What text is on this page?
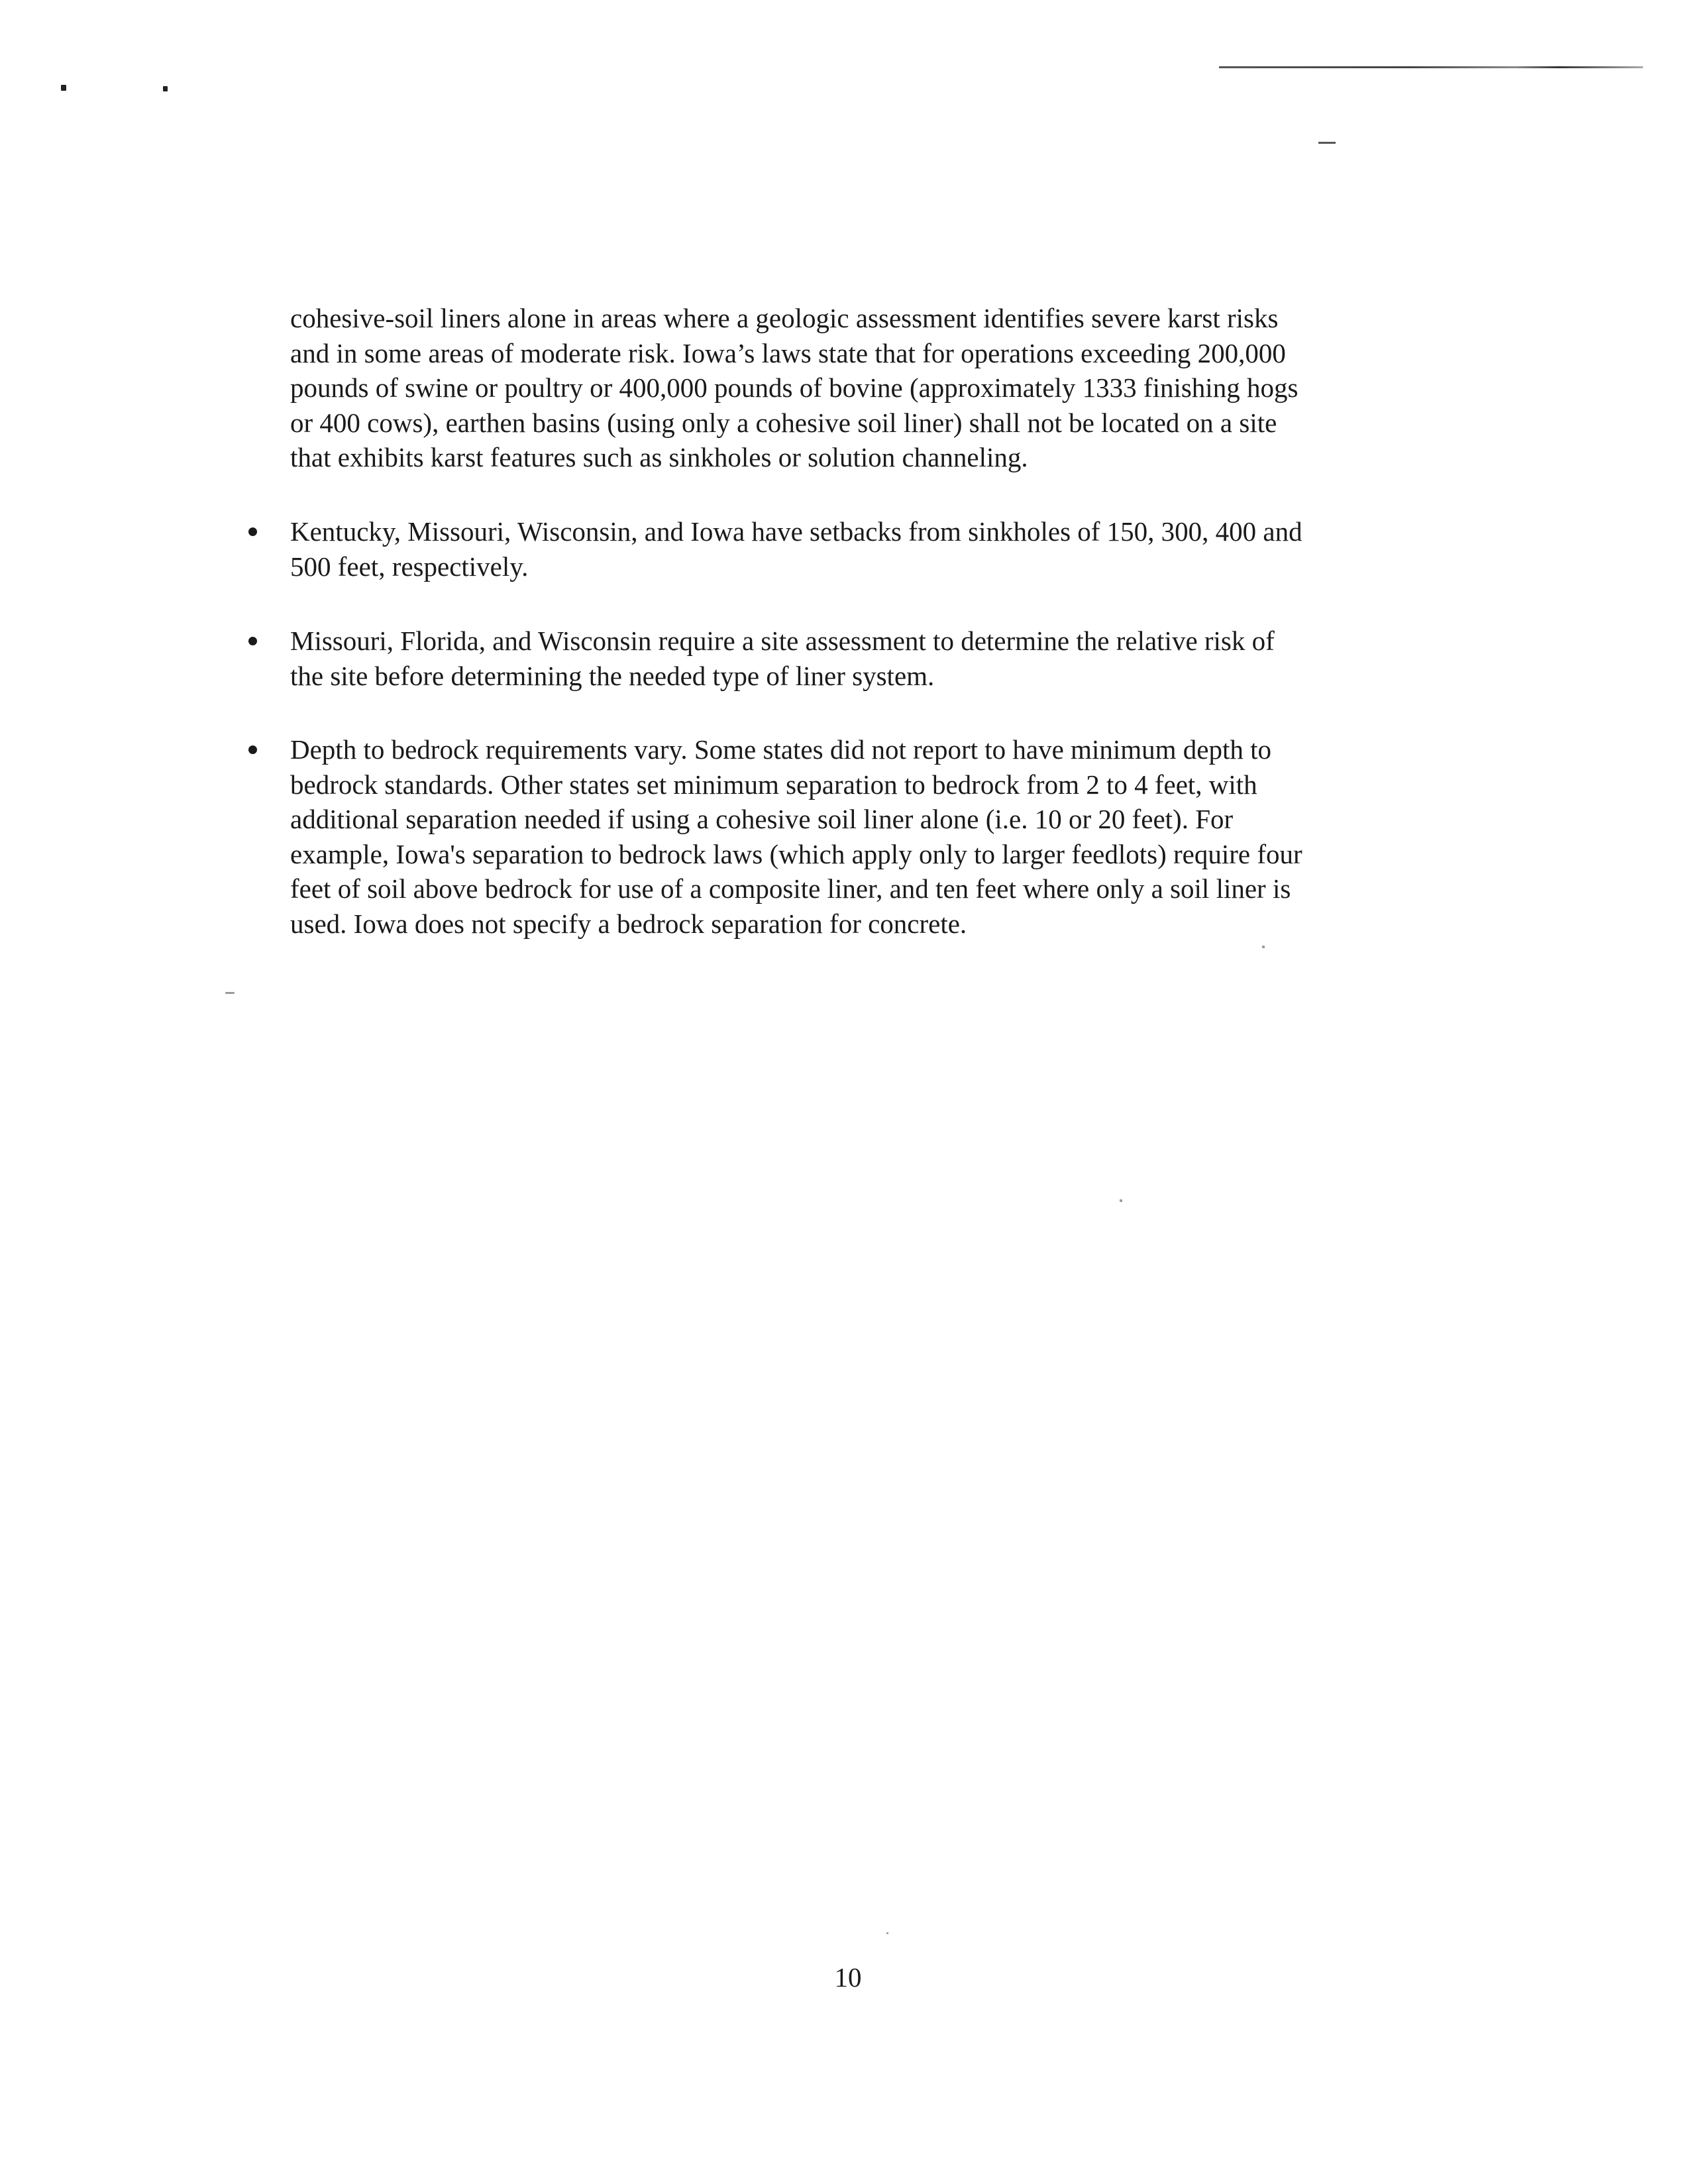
cohesive-soil liners alone in areas where a geologic assessment identifies severe karst risks
and in some areas of moderate risk. Iowa’s laws state that for operations exceeding 200,000
pounds of swine or poultry or 400,000 pounds of bovine (approximately 1333 finishing hogs
or 400 cows), earthen basins (using only a cohesive soil liner) shall not be located on a site
that exhibits karst features such as sinkholes or solution channeling.

Kentucky, Missouri, Wisconsin, and Iowa have setbacks from sinkholes of 150, 300, 400 and
500 feet, respectively.

Missouri, Florida, and Wisconsin require a site assessment to determine the relative risk of
the site before determining the needed type of liner system.

Depth to bedrock requirements vary. Some states did not report to have minimum depth to
bedrock standards. Other states set minimum separation to bedrock from 2 to 4 feet, with
additional separation needed if using a cohesive soil liner alone (i.e. 10 or 20 feet). For
example, Iowa's separation to bedrock laws (which apply only to larger feedlots) require four
feet of soil above bedrock for use of a composite liner, and ten feet where only a soil liner is
used. Iowa does not specify a bedrock separation for concrete.

10
